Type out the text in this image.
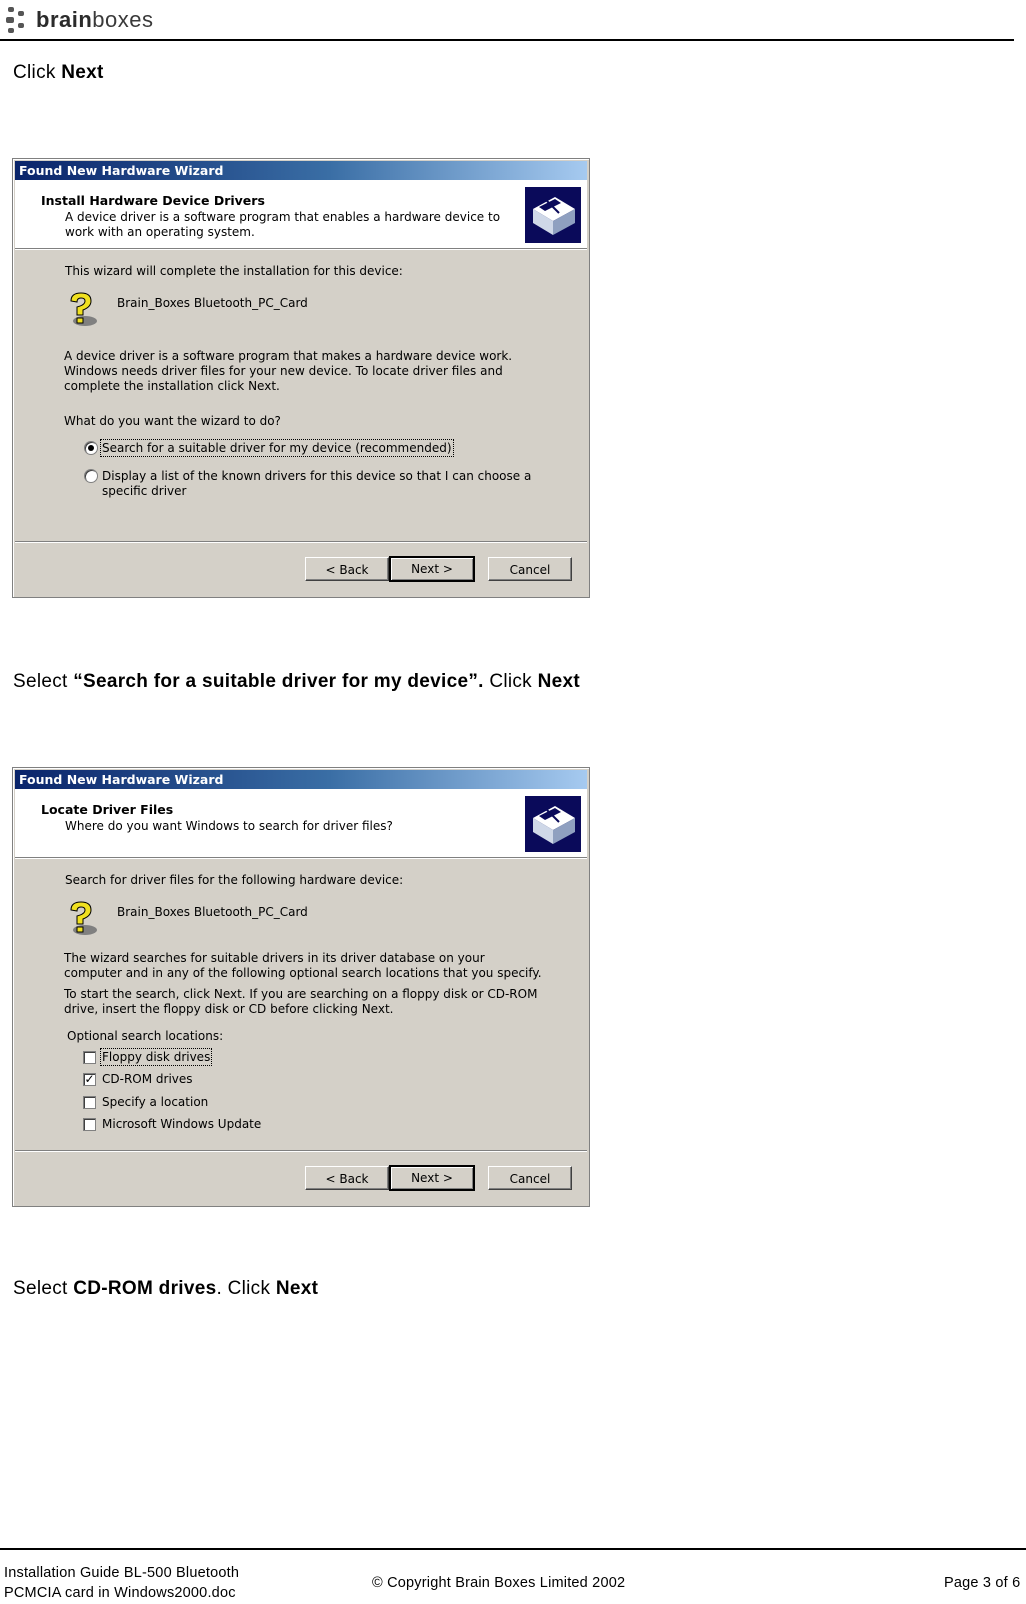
brainboxes
Click Next
Found New Hardware Wizard
Install Hardware Device Drivers
A device driver is a software program that enables a hardware device to work with an operating system.
This wizard will complete the installation for this device:
Brain_Boxes Bluetooth_PC_Card
A device driver is a software program that makes a hardware device work. Windows needs driver files for your new device. To locate driver files and complete the installation click Next.
What do you want the wizard to do?
Search for a suitable driver for my device (recommended)
Display a list of the known drivers for this device so that I can choose a specific driver
< Back	Next >	Cancel
Select “Search for a suitable driver for my device”. Click Next
Found New Hardware Wizard
Locate Driver Files
Where do you want Windows to search for driver files?
Search for driver files for the following hardware device:
Brain_Boxes Bluetooth_PC_Card
The wizard searches for suitable drivers in its driver database on your computer and in any of the following optional search locations that you specify.
To start the search, click Next. If you are searching on a floppy disk or CD-ROM drive, insert the floppy disk or CD before clicking Next.
Optional search locations:
Floppy disk drives
✓ CD-ROM drives
Specify a location
Microsoft Windows Update
< Back	Next >	Cancel
Select CD-ROM drives. Click Next
Installation Guide BL-500 Bluetooth
PCMCIA card in Windows2000.doc
© Copyright Brain Boxes Limited 2002	Page 3 of 6
